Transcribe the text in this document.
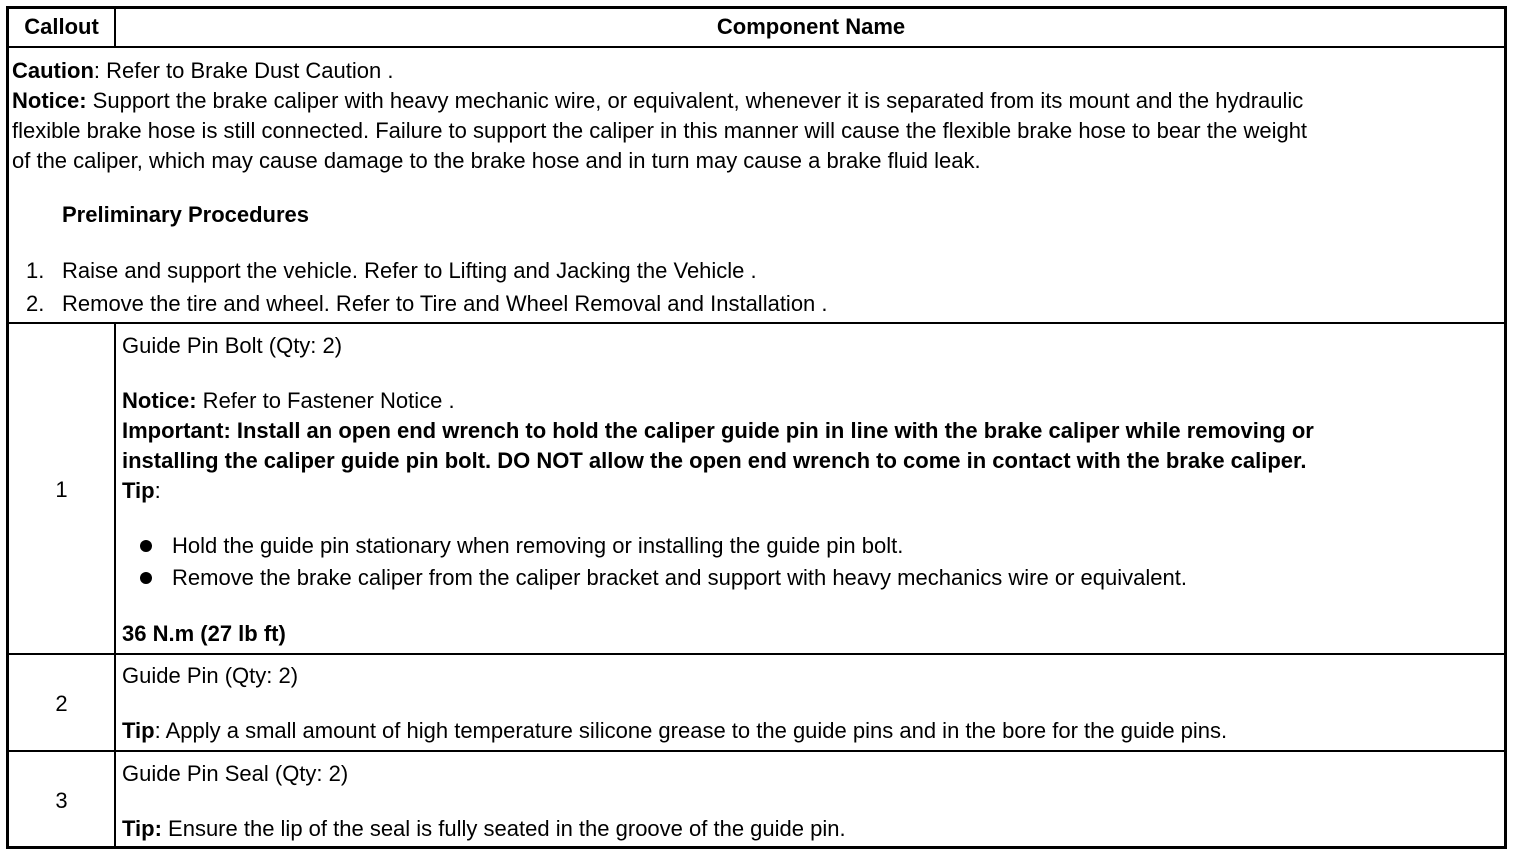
Callout	Component Name
Caution: Refer to Brake Dust Caution .
Notice: Support the brake caliper with heavy mechanic wire, or equivalent, whenever it is separated from its mount and the hydraulic
flexible brake hose is still connected. Failure to support the caliper in this manner will cause the flexible brake hose to bear the weight
of the caliper, which may cause damage to the brake hose and in turn may cause a brake fluid leak.
Preliminary Procedures
1. Raise and support the vehicle. Refer to Lifting and Jacking the Vehicle .
2. Remove the tire and wheel. Refer to Tire and Wheel Removal and Installation .
1
Guide Pin Bolt (Qty: 2)
Notice: Refer to Fastener Notice .
Important: Install an open end wrench to hold the caliper guide pin in line with the brake caliper while removing or
installing the caliper guide pin bolt. DO NOT allow the open end wrench to come in contact with the brake caliper.
Tip:
Hold the guide pin stationary when removing or installing the guide pin bolt.
Remove the brake caliper from the caliper bracket and support with heavy mechanics wire or equivalent.
36 N.m (27 lb ft)
2
Guide Pin (Qty: 2)
Tip: Apply a small amount of high temperature silicone grease to the guide pins and in the bore for the guide pins.
3
Guide Pin Seal (Qty: 2)
Tip: Ensure the lip of the seal is fully seated in the groove of the guide pin.
